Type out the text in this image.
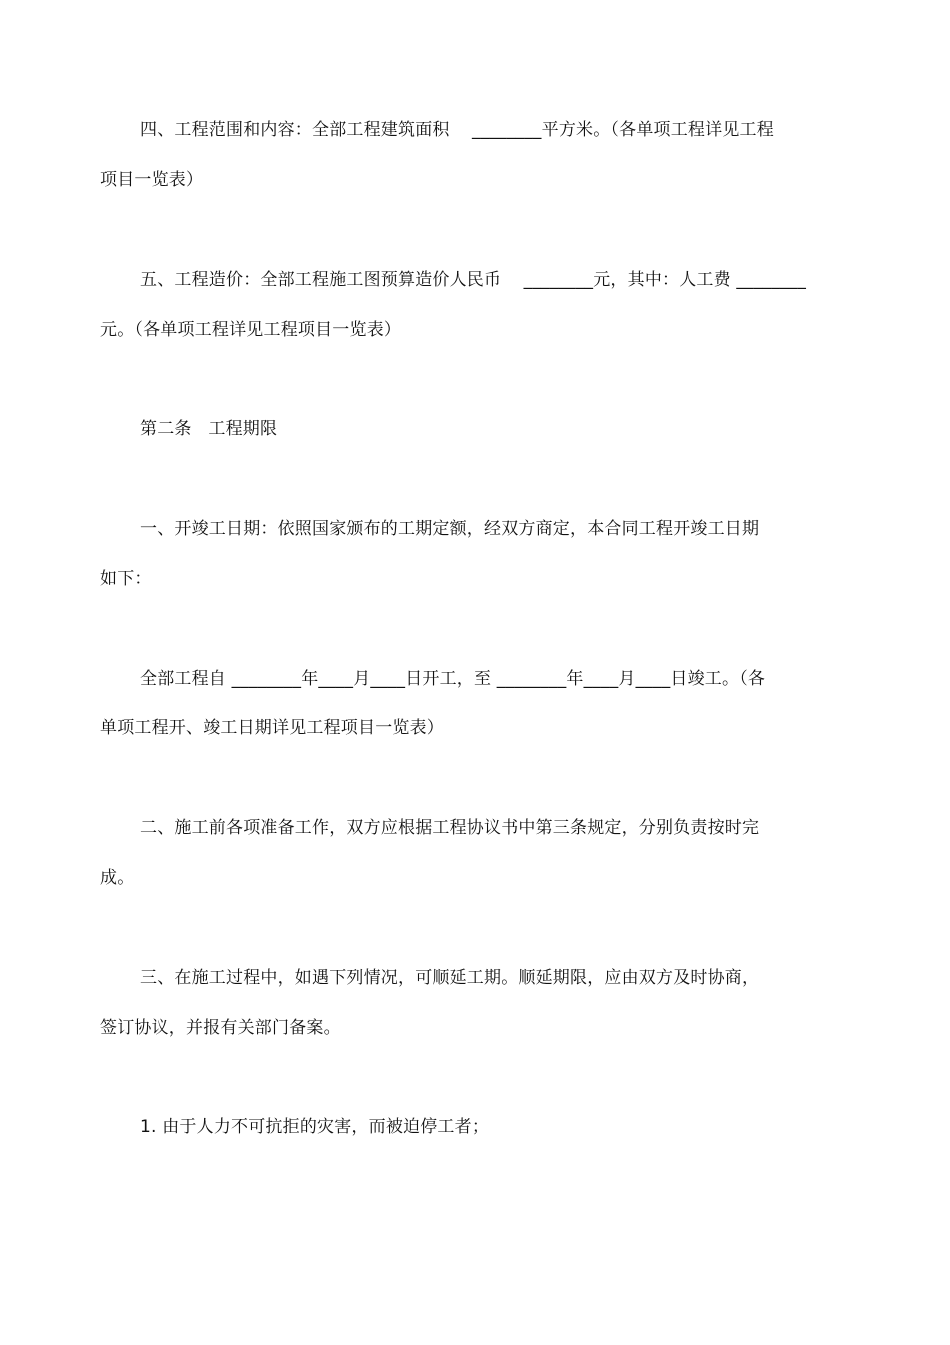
四、工程范围和内容：全部工程建筑面积    ________平方米。（各单项工程详见工程
项目一览表）
五、工程造价：全部工程施工图预算造价人民币    ________元，其中：人工费 ________
元。（各单项工程详见工程项目一览表）
第二条   工程期限
一、开竣工日期：依照国家颁布的工期定额，经双方商定，本合同工程开竣工日期
如下：
全部工程自 ________年____月____日开工，至 ________年____月____日竣工。（各
单项工程开、竣工日期详见工程项目一览表）
二、施工前各项准备工作，双方应根据工程协议书中第三条规定，分别负责按时完
成。
三、在施工过程中，如遇下列情况，可顺延工期。顺延期限，应由双方及时协商，
签订协议，并报有关部门备案。
1. 由于人力不可抗拒的灾害，而被迫停工者；
